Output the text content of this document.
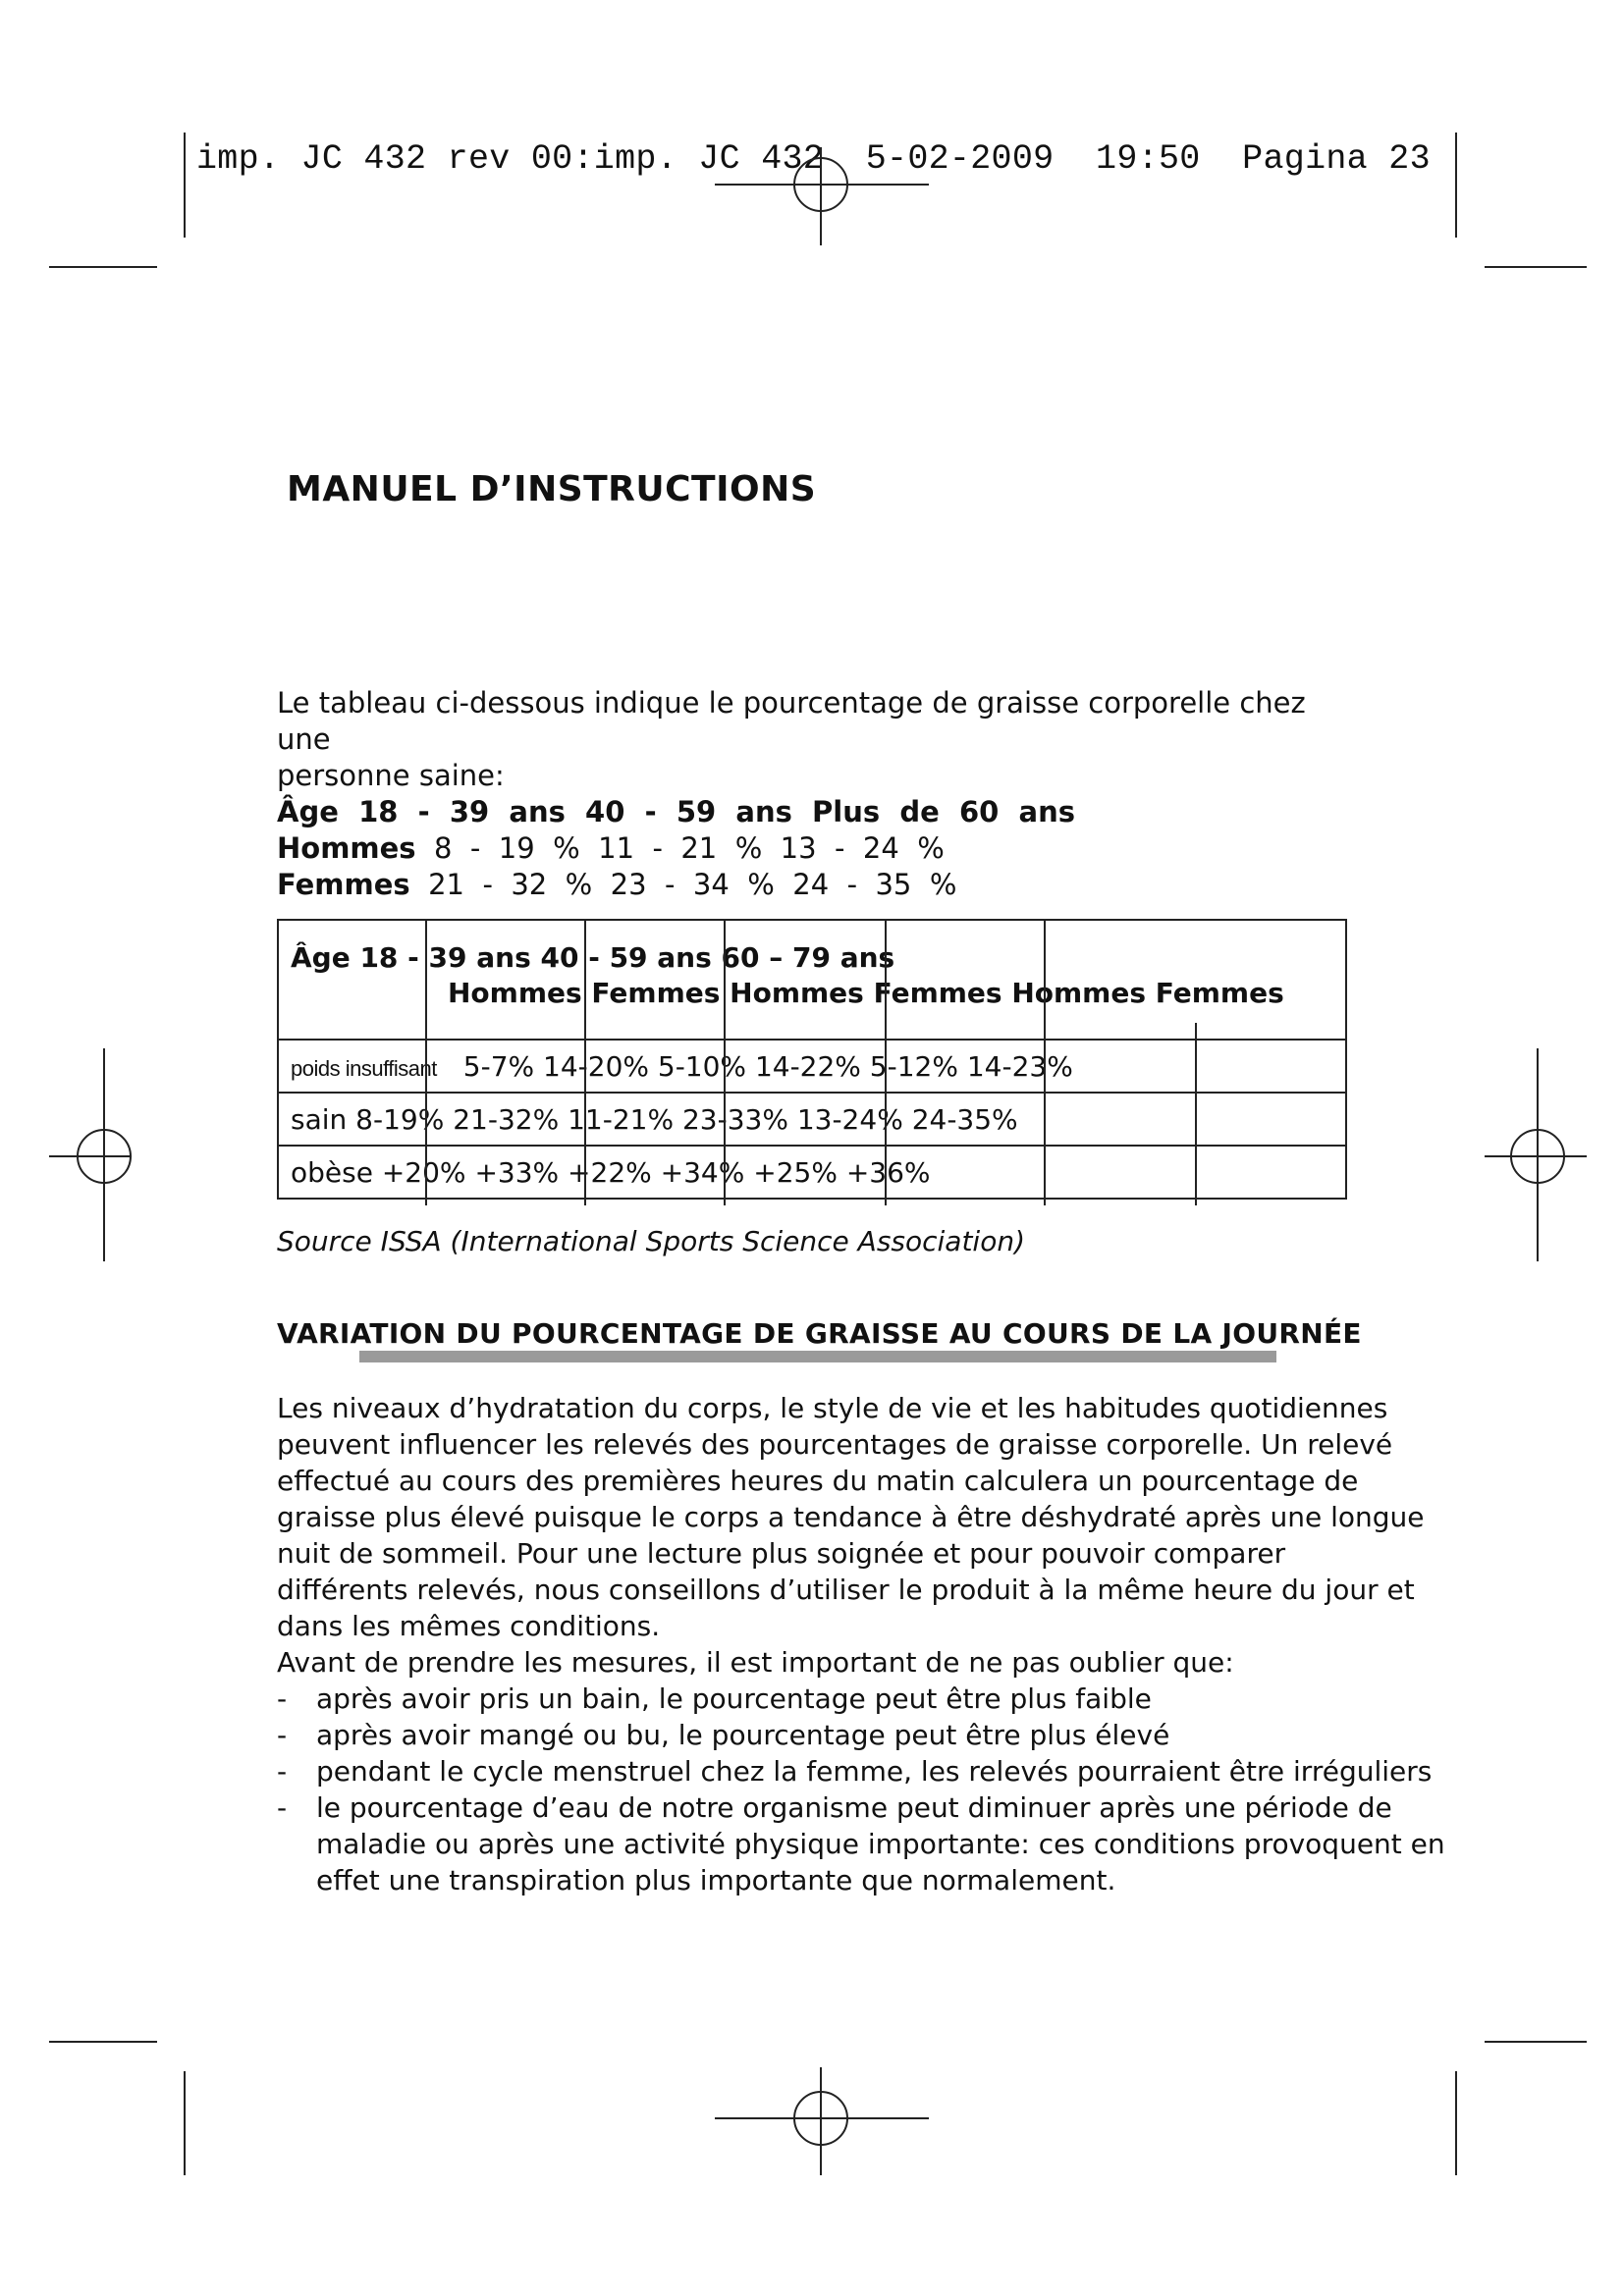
imp. JC 432 rev 00:imp. JC 432  5-02-2009  19:50  Pagina 23

MANUEL D’INSTRUCTIONS

Le tableau ci-dessous indique le pourcentage de graisse corporelle chez une

personne saine:

Âge  18  -  39  ans  40  -  59  ans  Plus  de  60  ans

Hommes  8  -  19  %  11  -  21  %  13  -  24  %

Femmes  21  -  32  %  23  -  34  %  24  -  35  %

Âge 18 - 39 ans 40 - 59 ans 60 – 79 ans
Hommes Femmes Hommes Femmes Hommes Femmes

poids insuffisant 5-7% 14-20% 5-10% 14-22% 5-12% 14-23%
sain 8-19% 21-32% 11-21% 23-33% 13-24% 24-35%
obèse +20% +33% +22% +34% +25% +36%

Source ISSA (International Sports Science Association)

VARIATION DU POURCENTAGE DE GRAISSE AU COURS DE LA JOURNÉE

Les niveaux d’hydratation du corps, le style de vie et les habitudes quotidiennes

peuvent influencer les relevés des pourcentages de graisse corporelle. Un relevé

effectué au cours des premières heures du matin calculera un pourcentage de

graisse plus élevé puisque le corps a tendance à être déshydraté après une longue

nuit de sommeil. Pour une lecture plus soignée et pour pouvoir comparer

différents relevés, nous conseillons d’utiliser le produit à la même heure du jour et

dans les mêmes conditions.

Avant de prendre les mesures, il est important de ne pas oublier que:

- après avoir pris un bain, le pourcentage peut être plus faible
- après avoir mangé ou bu, le pourcentage peut être plus élevé
- pendant le cycle menstruel chez la femme, les relevés pourraient être irréguliers
- le pourcentage d’eau de notre organisme peut diminuer après une période de maladie ou après une activité physique importante: ces conditions provoquent en effet une transpiration plus importante que normalement.
